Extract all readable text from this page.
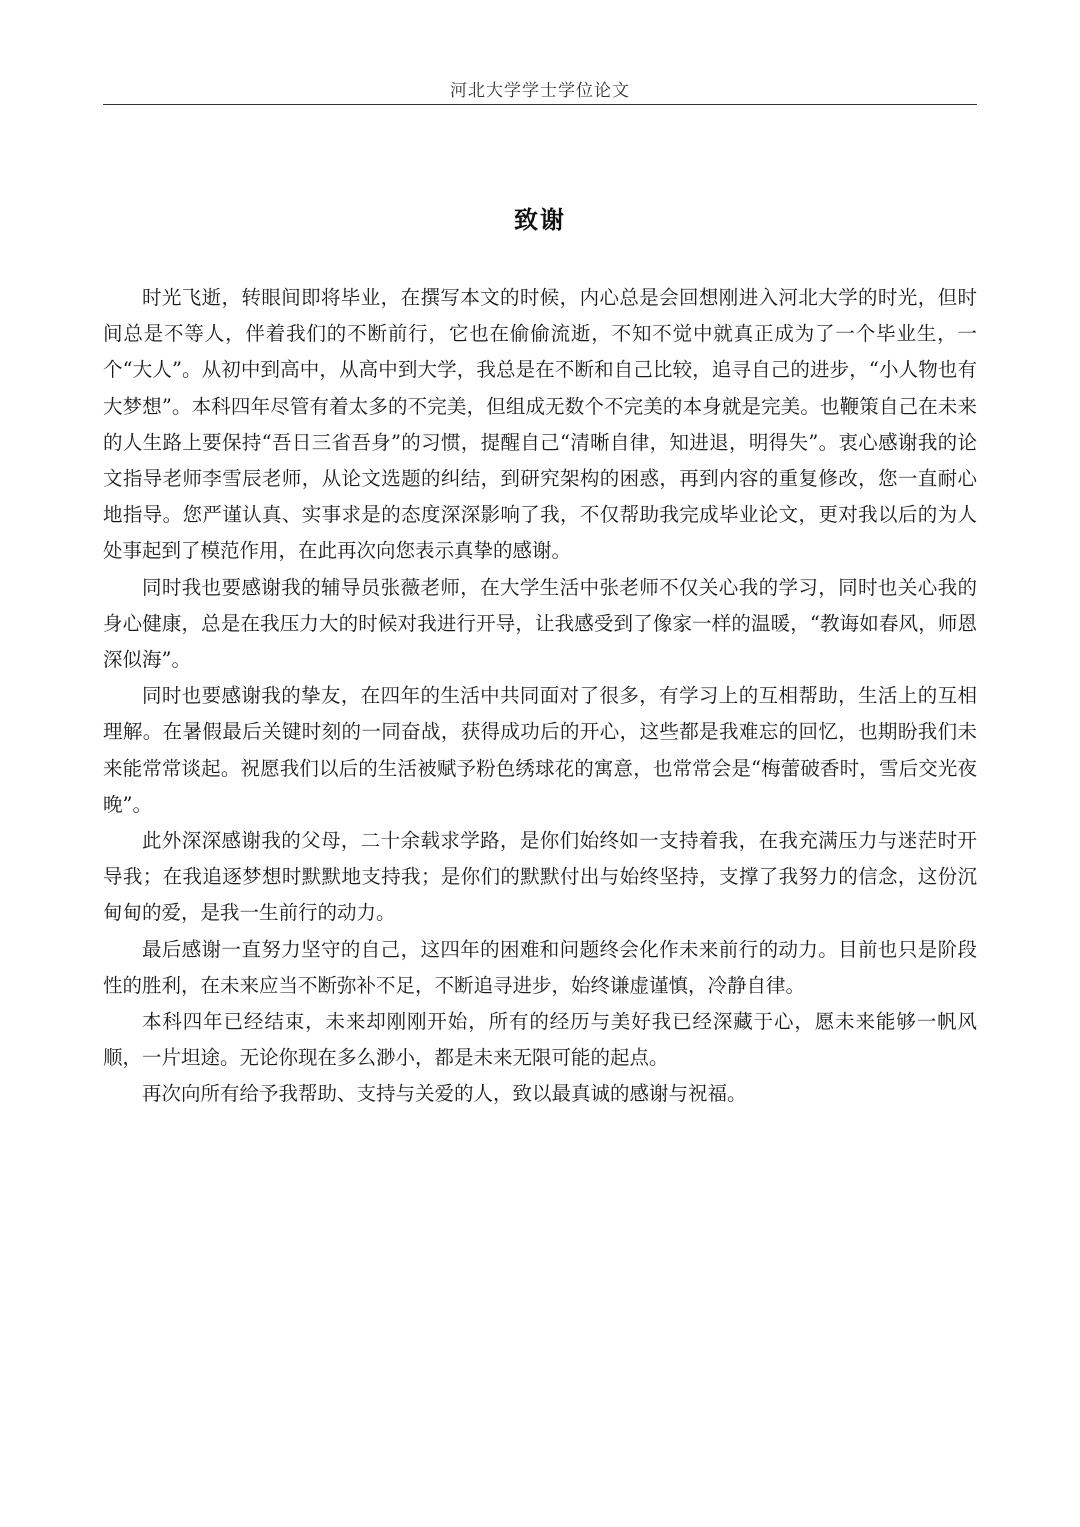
河北大学学士学位论文
致谢

时光飞逝，转眼间即将毕业，在撰写本文的时候，内心总是会回想刚进入河北大学的时光，但时间总是不等人，伴着我们的不断前行，它也在偷偷流逝，不知不觉中就真正成为了一个毕业生，一个“大人”。从初中到高中，从高中到大学，我总是在不断和自己比较，追寻自己的进步，“小人物也有大梦想”。本科四年尽管有着太多的不完美，但组成无数个不完美的本身就是完美。也鞭策自己在未来的人生路上要保持“吾日三省吾身”的习惯，提醒自己“清晰自律，知进退，明得失”。衷心感谢我的论文指导老师李雪辰老师，从论文选题的纠结，到研究架构的困惑，再到内容的重复修改，您一直耐心地指导。您严谨认真、实事求是的态度深深影响了我，不仅帮助我完成毕业论文，更对我以后的为人处事起到了模范作用，在此再次向您表示真挚的感谢。

同时我也要感谢我的辅导员张薇老师，在大学生活中张老师不仅关心我的学习，同时也关心我的身心健康，总是在我压力大的时候对我进行开导，让我感受到了像家一样的温暖，“教诲如春风，师恩深似海”。

同时也要感谢我的挚友，在四年的生活中共同面对了很多，有学习上的互相帮助，生活上的互相理解。在暑假最后关键时刻的一同奋战，获得成功后的开心，这些都是我难忘的回忆，也期盼我们未来能常常谈起。祝愿我们以后的生活被赋予粉色绣球花的寓意，也常常会是“梅蕾破香时，雪后交光夜晚”。

此外深深感谢我的父母，二十余载求学路，是你们始终如一支持着我，在我充满压力与迷茫时开导我；在我追逐梦想时默默地支持我；是你们的默默付出与始终坚持，支撑了我努力的信念，这份沉甸甸的爱，是我一生前行的动力。

最后感谢一直努力坚守的自己，这四年的困难和问题终会化作未来前行的动力。目前也只是阶段性的胜利，在未来应当不断弥补不足，不断追寻进步，始终谦虚谨慎，冷静自律。

本科四年已经结束，未来却刚刚开始，所有的经历与美好我已经深藏于心，愿未来能够一帆风顺，一片坦途。无论你现在多么渺小，都是未来无限可能的起点。

再次向所有给予我帮助、支持与关爱的人，致以最真诚的感谢与祝福。
